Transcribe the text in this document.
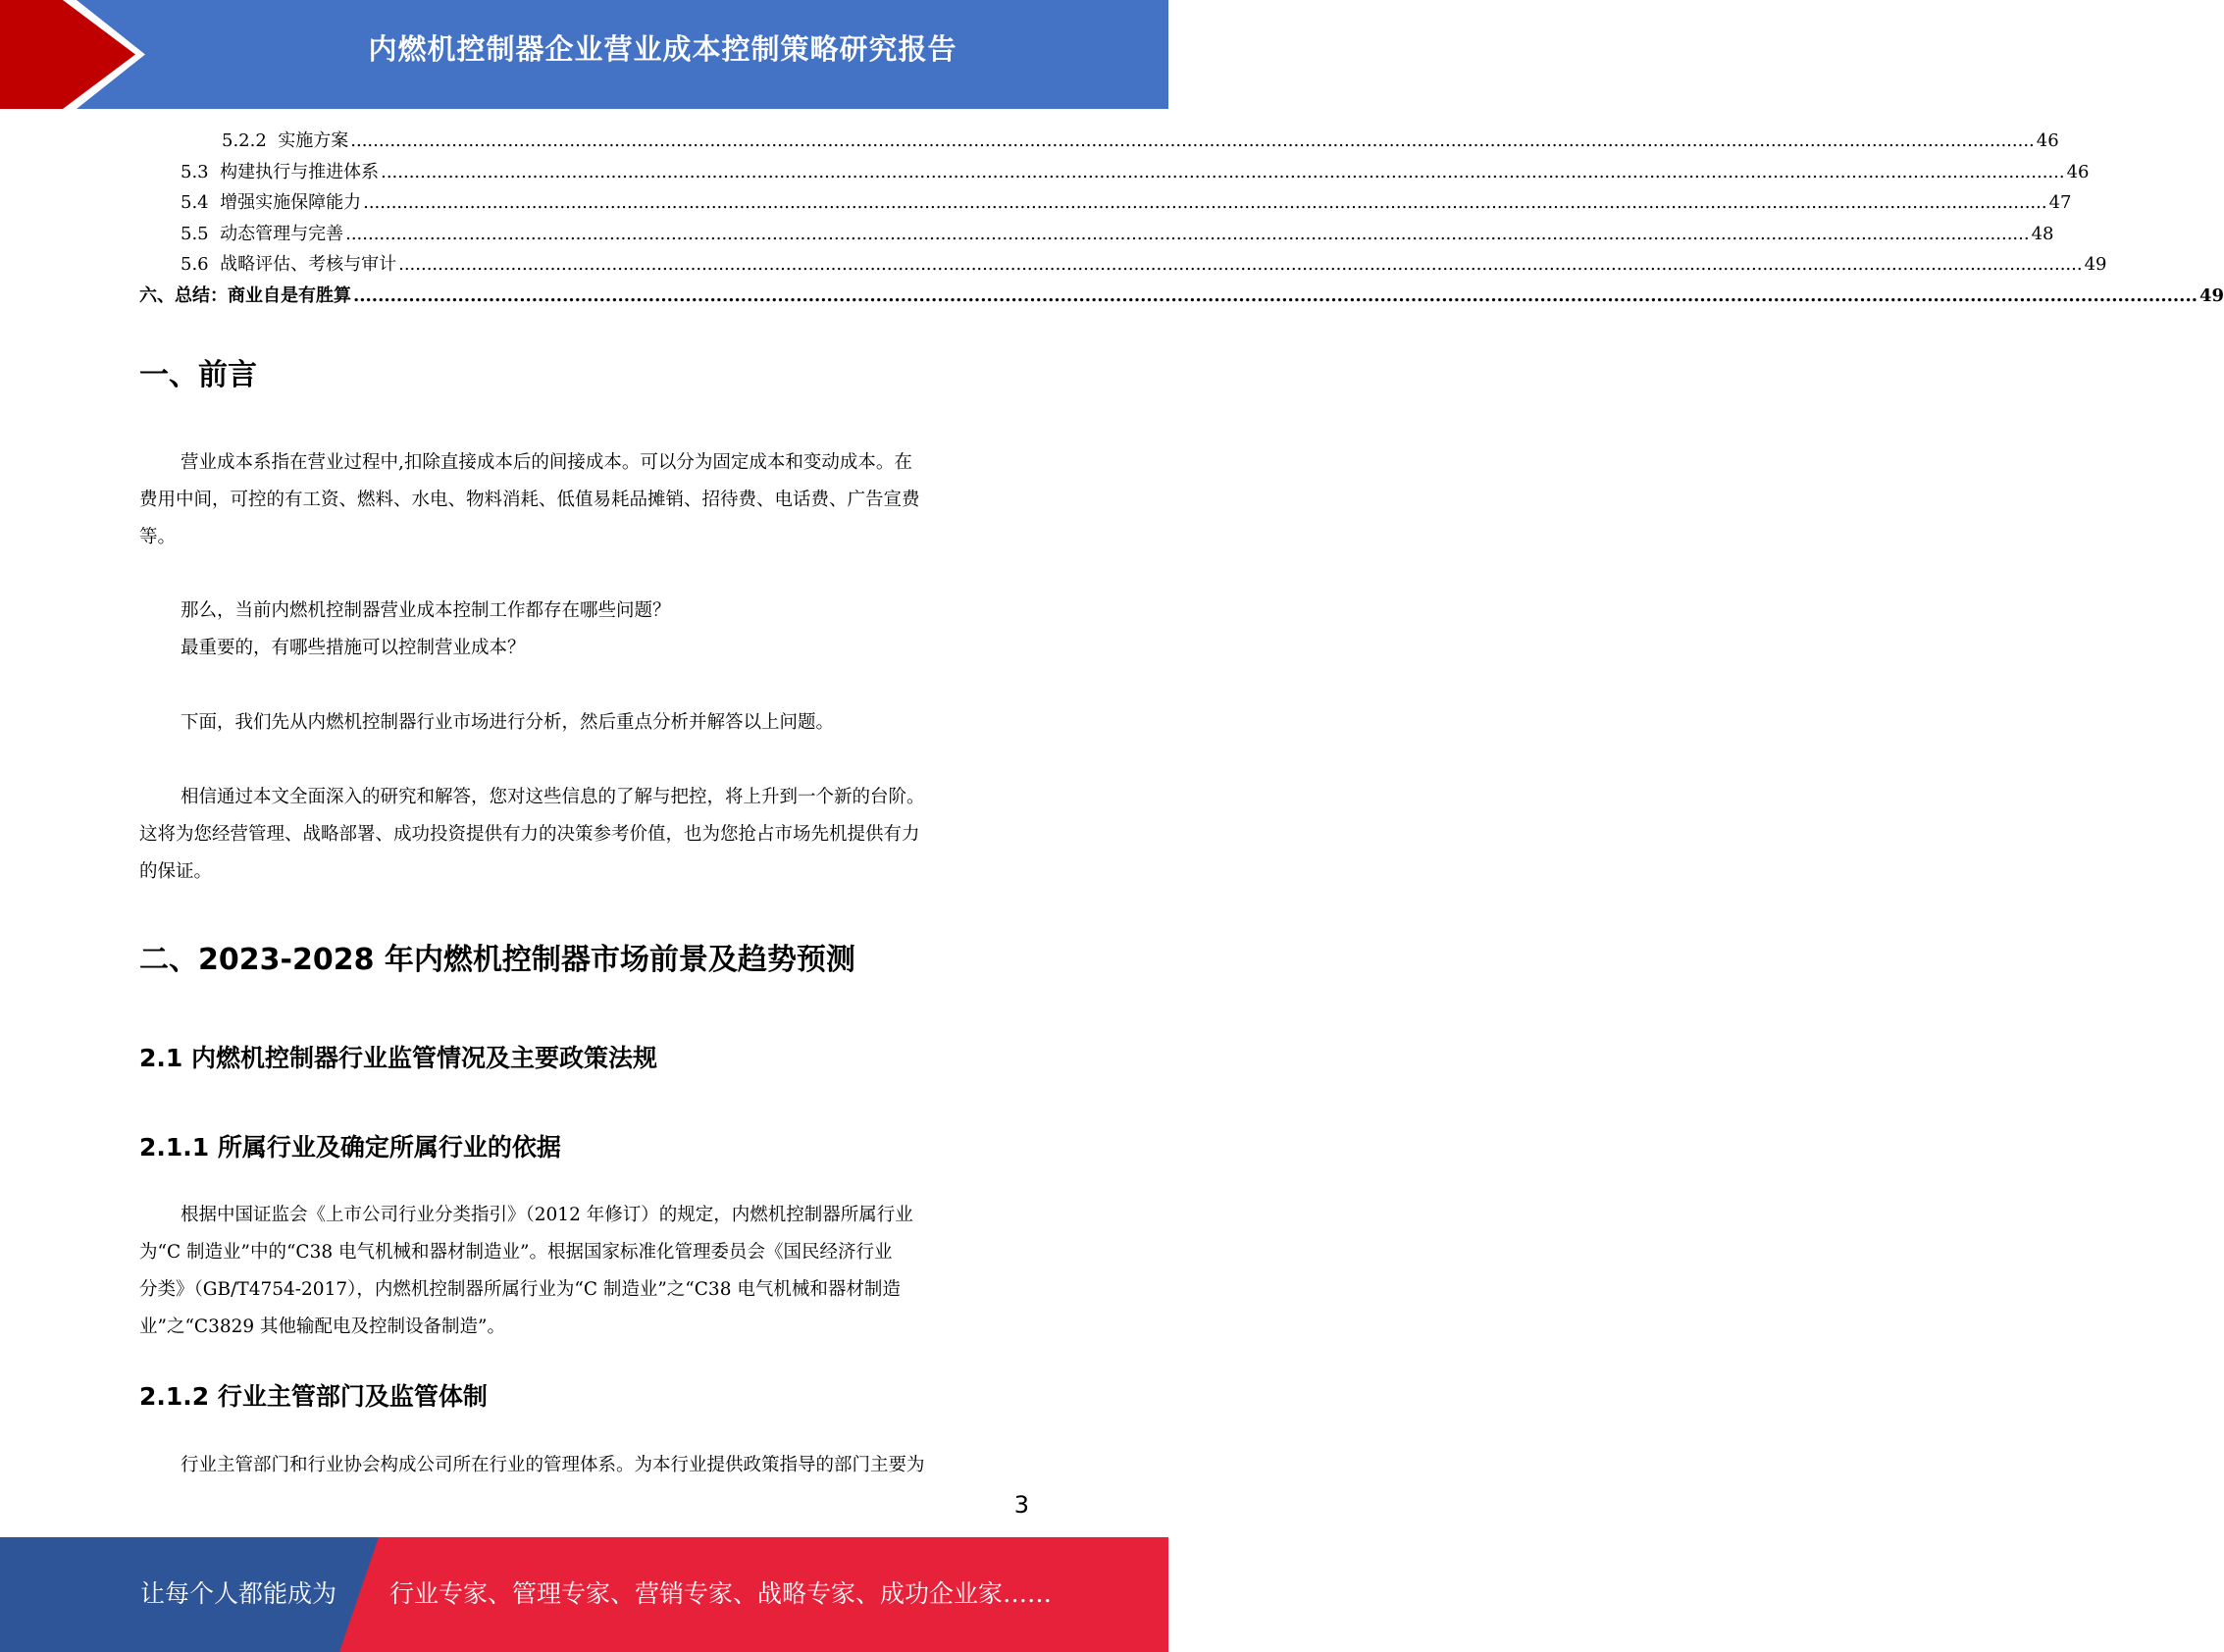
内燃机控制器企业营业成本控制策略研究报告
5.2.2
实施方案 ............................................................................................................................................................................................................................................................................................................ 46
5.3
构建执行与推进体系 ............................................................................................................................................................................................................................................................................................................ 46
5.4
增强实施保障能力 ............................................................................................................................................................................................................................................................................................................ 47
5.5
动态管理与完善 ............................................................................................................................................................................................................................................................................................................ 48
5.6
战略评估、考核与审计 ............................................................................................................................................................................................................................................................................................................ 49
六、 总结：商业自是有胜算 ............................................................................................................................................................................................................................................................................................................ 49
一、前言
营业成本系指在营业过程中,扣除直接成本后的间接成本。可以分为固定成本和变动成本。在
费用中间，可控的有工资、燃料、水电、物料消耗、低值易耗品摊销、招待费、电话费、广告宣费
等。
那么，当前内燃机控制器营业成本控制工作都存在哪些问题？
最重要的，有哪些措施可以控制营业成本？
下面，我们先从内燃机控制器行业市场进行分析，然后重点分析并解答以上问题。
相信通过本文全面深入的研究和解答，您对这些信息的了解与把控，将上升到一个新的台阶。
这将为您经营管理、战略部署、成功投资提供有力的决策参考价值，也为您抢占市场先机提供有力
的保证。
二、2023-2028 年内燃机控制器市场前景及趋势预测
2.1 内燃机控制器行业监管情况及主要政策法规
2.1.1 所属行业及确定所属行业的依据
根据中国证监会《上市公司行业分类指引》（2012 年修订）的规定，内燃机控制器所属行业
为“C 制造业”中的“C38 电气机械和器材制造业”。根据国家标准化管理委员会《国民经济行业
分类》（GB/T4754-2017），内燃机控制器所属行业为“C 制造业”之“C38 电气机械和器材制造
业”之“C3829 其他输配电及控制设备制造”。
2.1.2 行业主管部门及监管体制
行业主管部门和行业协会构成公司所在行业的管理体系。为本行业提供政策指导的部门主要为
3
让每个人都能成为 行业专家、管理专家、营销专家、战略专家、成功企业家……
